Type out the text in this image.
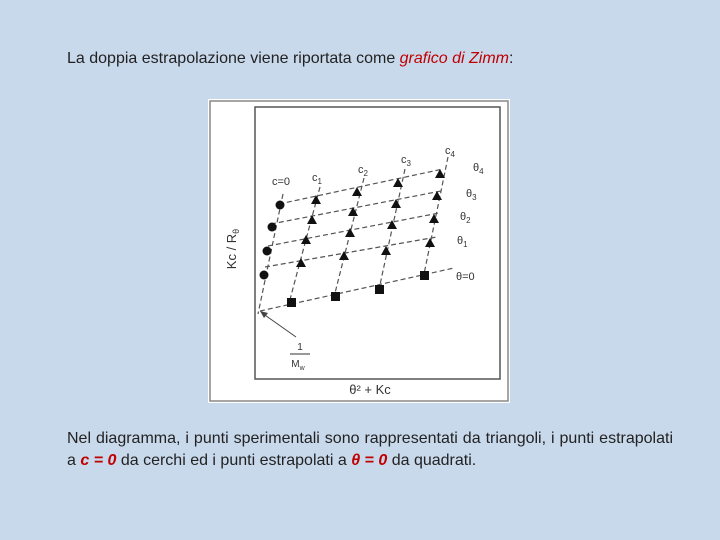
La doppia estrapolazione viene riportata come grafico di Zimm:
Kc / $R_\theta$
θ² + Kc
c=0 $c_1$
$c_2$
$c_3$
$c_4$
$\theta_4$
$\theta_3$
$\theta_2$
$\theta_1$
θ=0
1
$M_w$
Nel diagramma, i punti sperimentali sono rappresentati da triangoli, i punti estrapolati a c = 0 da cerchi ed i punti estrapolati a θ = 0 da quadrati.
